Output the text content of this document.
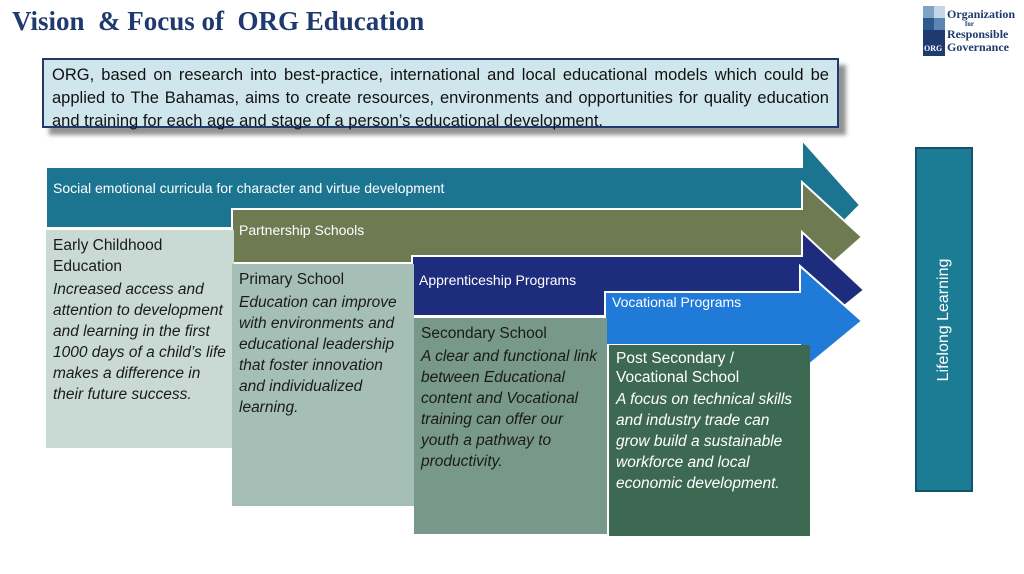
Vision  & Focus of  ORG Education
ORG
Organization
for
Responsible
Governance
ORG, based on research into best-practice, international and local educational models which could be applied to The Bahamas, aims to create resources, environments and opportunities for quality education and training for each age and stage of a person’s educational development.
Social emotional curricula for character and virtue development
Partnership Schools
Apprenticeship Programs
Vocational Programs
Early Childhood Education
Increased access and attention to development and learning in the first 1000 days of a child’s life makes a difference in their future success.
Primary School
Education can improve with environments and educational leadership that foster innovation and individualized learning.
Secondary School
A clear and functional link between Educational content and Vocational training can offer our youth a pathway to productivity.
Post Secondary / Vocational School
A focus on technical skills and industry trade can grow build a sustainable workforce and local economic development.
Lifelong Learning
